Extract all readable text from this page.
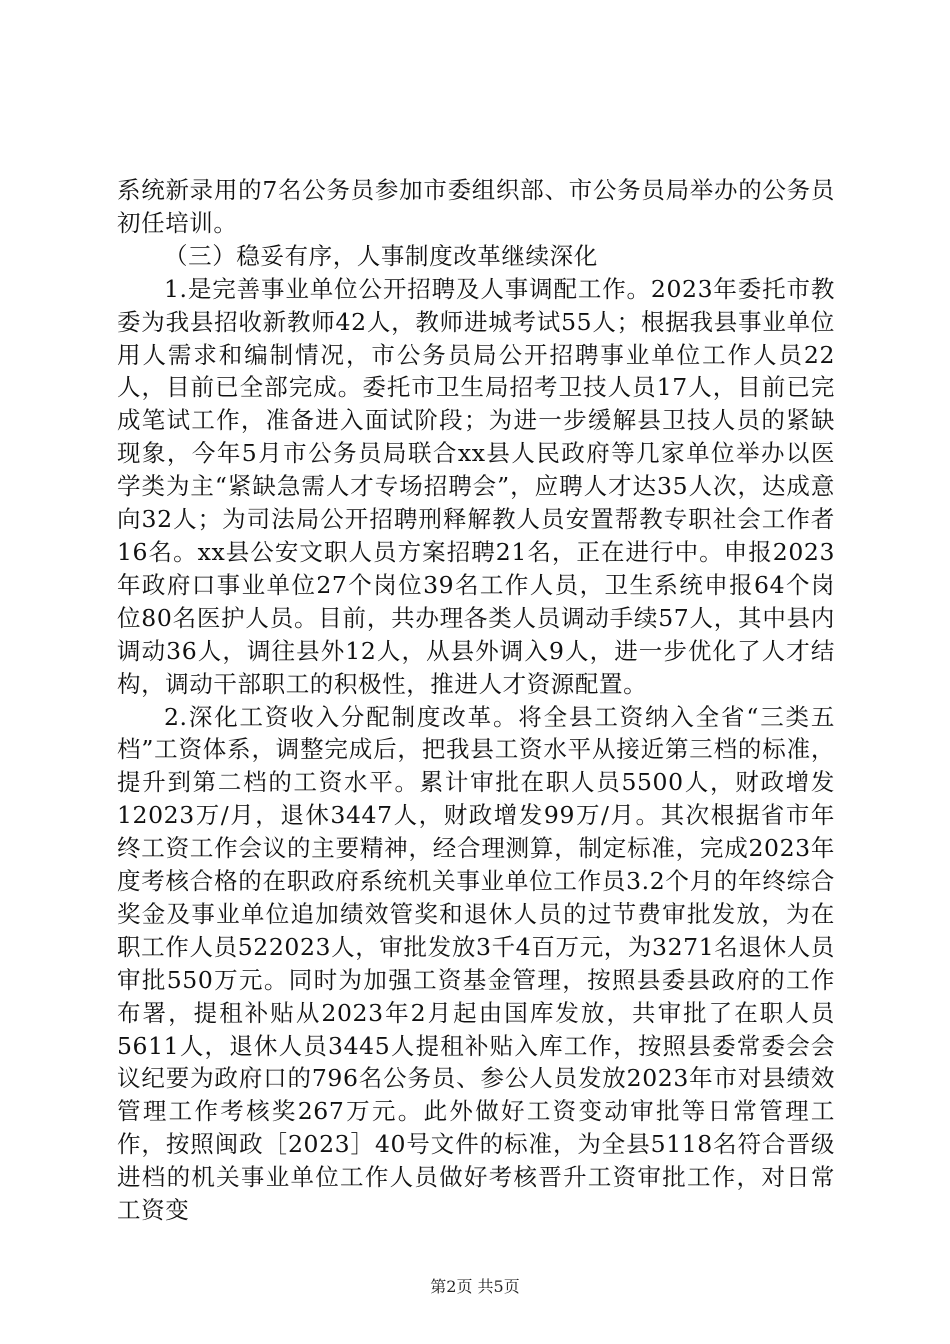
系统新录用的7名公务员参加市委组织部、市公务员局举办的公务员初任培训。

（三）稳妥有序，人事制度改革继续深化

1.是完善事业单位公开招聘及人事调配工作。2023年委托市教委为我县招收新教师42人，教师进城考试55人；根据我县事业单位用人需求和编制情况，市公务员局公开招聘事业单位工作人员22人，目前已全部完成。委托市卫生局招考卫技人员17人，目前已完成笔试工作，准备进入面试阶段；为进一步缓解县卫技人员的紧缺现象，今年5月市公务员局联合xx县人民政府等几家单位举办以医学类为主“紧缺急需人才专场招聘会”，应聘人才达35人次，达成意向32人；为司法局公开招聘刑释解教人员安置帮教专职社会工作者16名。xx县公安文职人员方案招聘21名，正在进行中。申报2023年政府口事业单位27个岗位39名工作人员，卫生系统申报64个岗位80名医护人员。目前，共办理各类人员调动手续57人，其中县内调动36人，调往县外12人，从县外调入9人，进一步优化了人才结构，调动干部职工的积极性，推进人才资源配置。

2.深化工资收入分配制度改革。将全县工资纳入全省“三类五档”工资体系，调整完成后，把我县工资水平从接近第三档的标准，提升到第二档的工资水平。累计审批在职人员5500人，财政增发12023万/月，退休3447人，财政增发99万/月。其次根据省市年终工资工作会议的主要精神，经合理测算，制定标准，完成2023年度考核合格的在职政府系统机关事业单位工作员3.2个月的年终综合奖金及事业单位追加绩效管奖和退休人员的过节费审批发放，为在职工作人员522023人，审批发放3千4百万元，为3271名退休人员审批550万元。同时为加强工资基金管理，按照县委县政府的工作布署，提租补贴从2023年2月起由国库发放，共审批了在职人员5611人，退休人员3445人提租补贴入库工作，按照县委常委会会议纪要为政府口的796名公务员、参公人员发放2023年市对县绩效管理工作考核奖267万元。此外做好工资变动审批等日常管理工作，按照闽政［2023］40号文件的标准，为全县5118名符合晋级进档的机关事业单位工作人员做好考核晋升工资审批工作，对日常工资变

第2页 共5页
